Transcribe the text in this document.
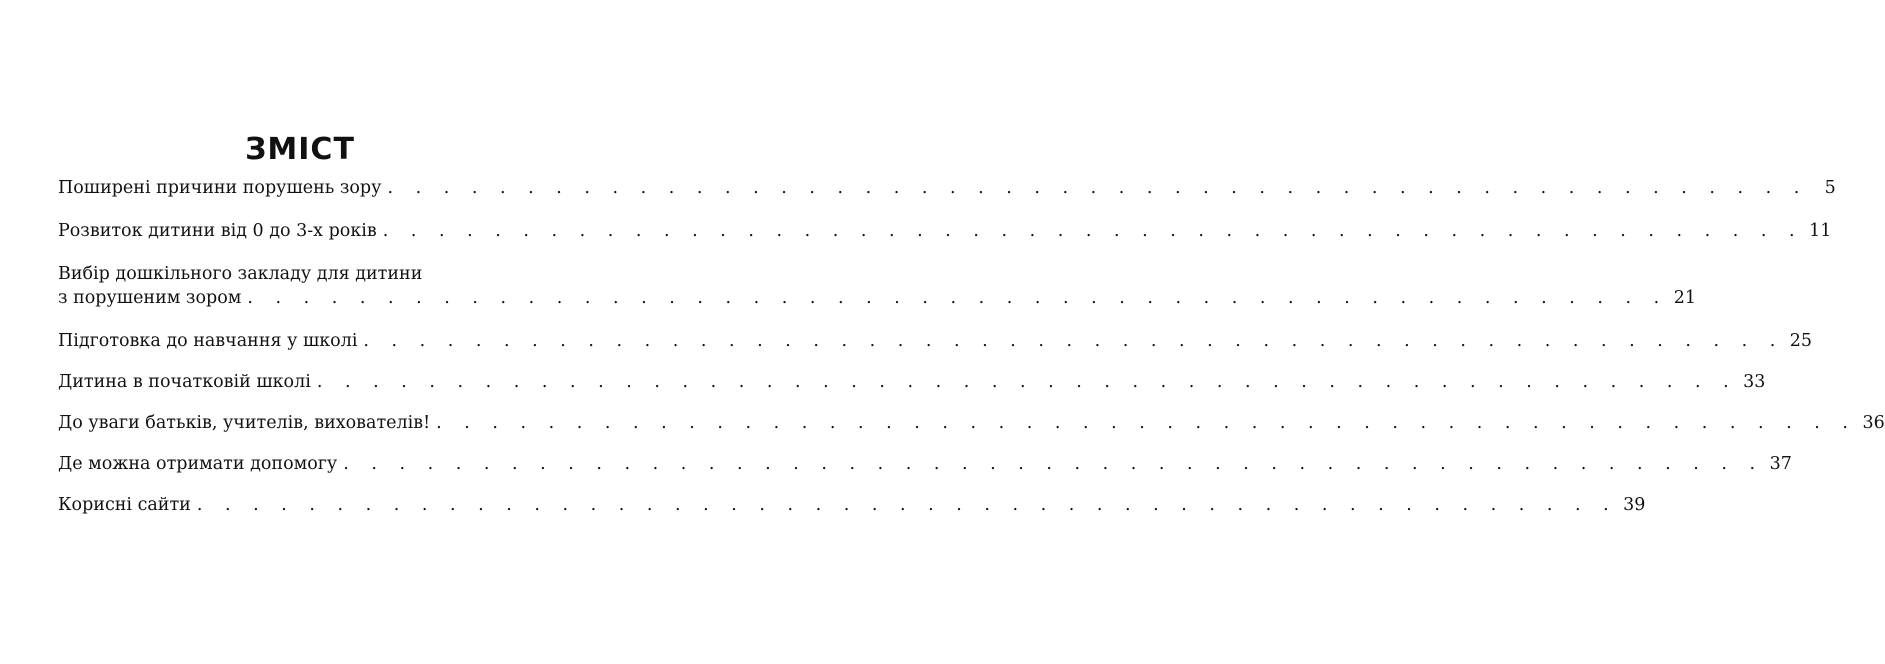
ЗМІСТ
Поширені причини порушень зору . . . . . . . . . . . . . . . . . . . . . . . . . . . . . . . . . . . . . . . . . . . . . . . . . . . 5
Розвиток дитини від 0 до 3-х років . . . . . . . . . . . . . . . . . . . . . . . . . . . . . . . . . . . . . . . . . . . . . . . . . . . 11
Вибір дошкільного закладу для дитини
з порушеним зором . . . . . . . . . . . . . . . . . . . . . . . . . . . . . . . . . . . . . . . . . . . . . . . . . . . 21
Підготовка до навчання у школі . . . . . . . . . . . . . . . . . . . . . . . . . . . . . . . . . . . . . . . . . . . . . . . . . . . 25
Дитина в початковій школі . . . . . . . . . . . . . . . . . . . . . . . . . . . . . . . . . . . . . . . . . . . . . . . . . . . 33
До уваги батьків, учителів, вихователів! . . . . . . . . . . . . . . . . . . . . . . . . . . . . . . . . . . . . . . . . . . . . . . . . . . . 36
Де можна отримати допомогу . . . . . . . . . . . . . . . . . . . . . . . . . . . . . . . . . . . . . . . . . . . . . . . . . . . 37
Корисні сайти . . . . . . . . . . . . . . . . . . . . . . . . . . . . . . . . . . . . . . . . . . . . . . . . . . . 39
